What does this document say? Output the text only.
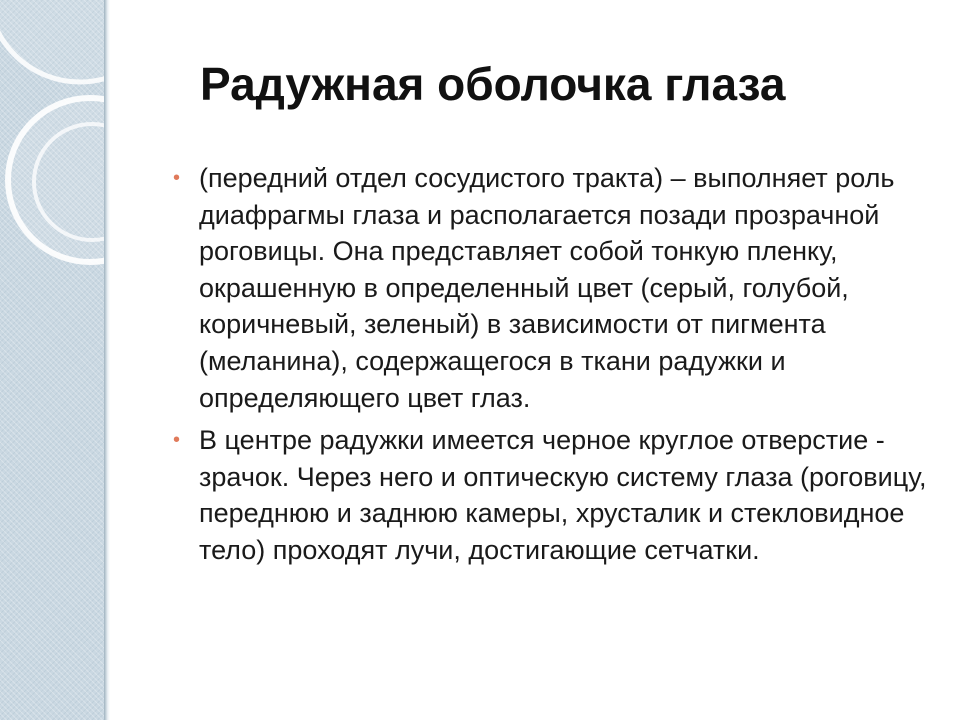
Радужная оболочка глаза
• (передний отдел сосудистого тракта) – выполняет роль диафрагмы глаза и располагается позади прозрачной роговицы. Она представляет собой тонкую пленку, окрашенную в определенный цвет (серый, голубой, коричневый, зеленый) в зависимости от пигмента (меланина), содержащегося в ткани радужки и определяющего цвет глаз.

• В центре радужки имеется черное круглое отверстие - зрачок. Через него и оптическую систему глаза (роговицу, переднюю и заднюю камеры, хрусталик и стекловидное тело) проходят лучи, достигающие сетчатки.
